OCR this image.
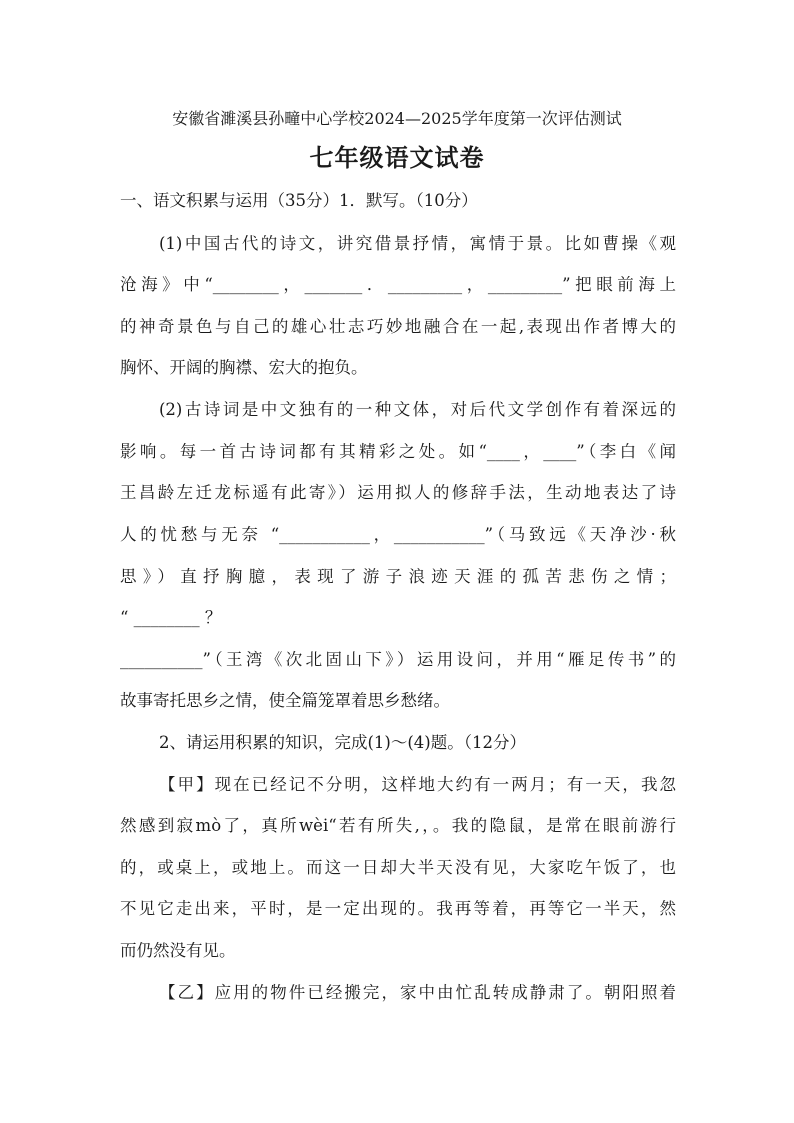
安徽省濉溪县孙疃中心学校2024—2025学年度第一次评估测试
七年级语文试卷
一、语文积累与运用（35分）1．默写。（10分）
(1)中国古代的诗文，讲究借景抒情，寓情于景。比如曹操《观
沧海》中“________，_______．_________，_________”把眼前海上
的神奇景色与自己的雄心壮志巧妙地融合在一起,表现出作者博大的
胸怀、开阔的胸襟、宏大的抱负。
(2)古诗词是中文独有的一种文体，对后代文学创作有着深远的
影响。每一首古诗词都有其精彩之处。如“____，____”（李白《闻
王昌龄左迁龙标遥有此寄》）运用拟人的修辞手法，生动地表达了诗
人的忧愁与无奈 “___________，___________”（马致远《天净沙·秋
思》）直抒胸臆，表现了游子浪迹天涯的孤苦悲伤之情；
“ ________ ？
__________”（王湾《次北固山下》）运用设问，并用“雁足传书”的
故事寄托思乡之情，使全篇笼罩着思乡愁绪。
2、请运用积累的知识，完成(1)～(4)题。（12分）
【甲】现在已经记不分明，这样地大约有一两月；有一天，我忽
然感到寂mò了，真所wèi“若有所失,，。我的隐鼠，是常在眼前游行
的，或桌上，或地上。而这一日却大半天没有见，大家吃午饭了，也
不见它走出来，平时，是一定出现的。我再等着，再等它一半天，然
而仍然没有见。
【乙】应用的物件已经搬完，家中由忙乱转成静肃了。朝阳照着
